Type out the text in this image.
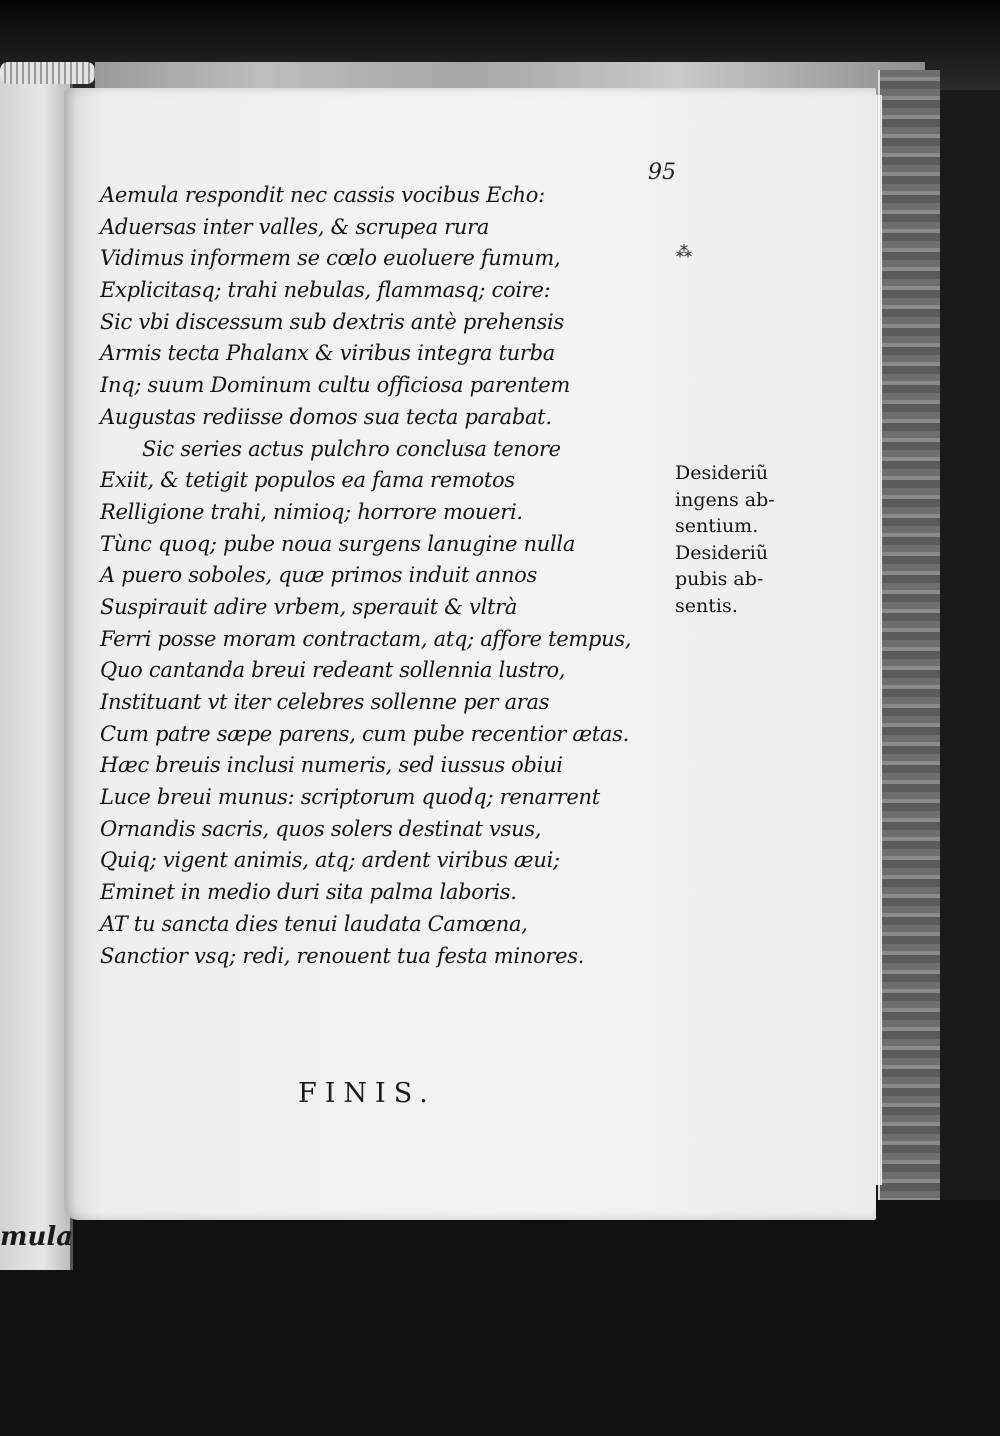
mula
95
⁂
Aemula respondit nec cassis vocibus Echo:
Aduersas inter valles, & scrupea rura
Vidimus informem se cœlo euoluere fumum,
Explicitasq; trahi nebulas, flammasq; coire:
Sic vbi discessum sub dextris antè prehensis
Armis tecta Phalanx & viribus integra turba
Inq; suum Dominum cultu officiosa parentem
Augustas rediisse domos sua tecta parabat.
Sic series actus pulchro conclusa tenore
Exiit, & tetigit populos ea fama remotos
Relligione trahi, nimioq; horrore moueri.
Tùnc quoq; pube noua surgens lanugine nulla
A puero soboles, quæ primos induit annos
Suspirauit adire vrbem, sperauit & vltrà
Ferri posse moram contractam, atq; affore tempus,
Quo cantanda breui redeant sollennia lustro,
Instituant vt iter celebres sollenne per aras
Cum patre sæpe parens, cum pube recentior ætas.
Hæc breuis inclusi numeris, sed iussus obiui
Luce breui munus: scriptorum quodq; renarrent
Ornandis sacris, quos solers destinat vsus,
Quiq; vigent animis, atq; ardent viribus æui;
Eminet in medio duri sita palma laboris.
AT tu sancta dies tenui laudata Camœna,
Sanctior vsq; redi, renouent tua festa minores.
Desideriũ
ingens ab-
sentium.
Desideriũ
pubis ab-
sentis.
FINIS.
